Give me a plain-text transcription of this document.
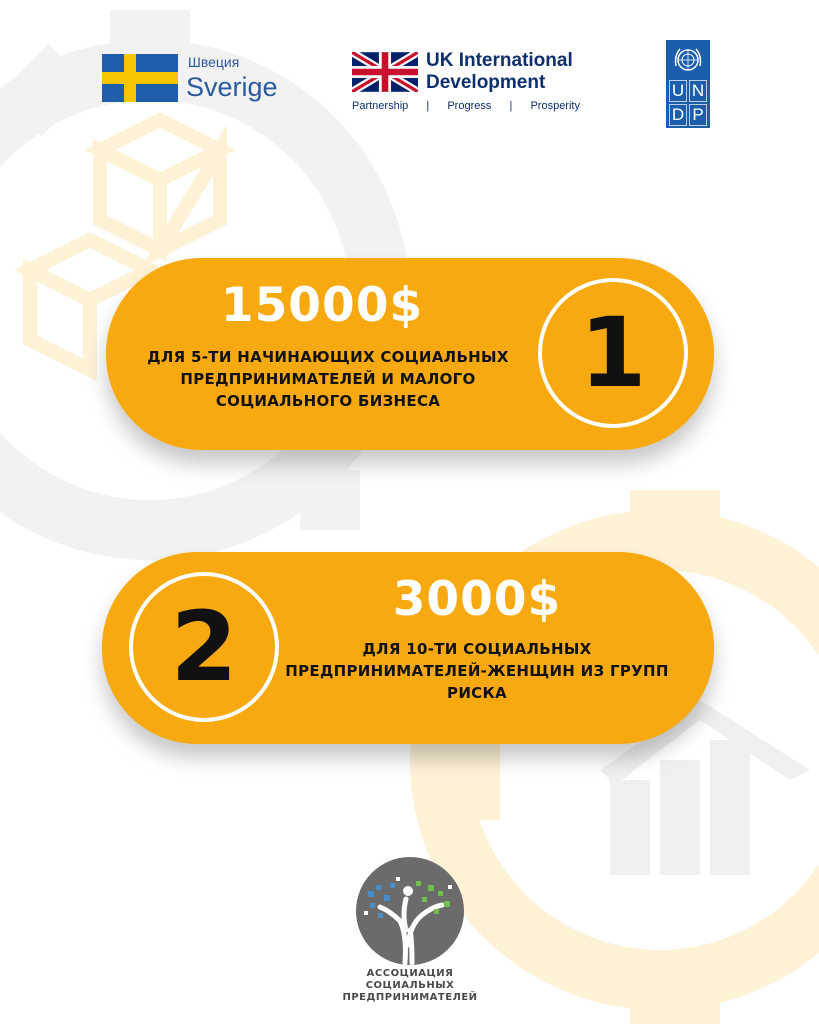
Швеция
Sverige
UK International
Development
Partnership | Progress | Prosperity
U N
D P
15000$
ДЛЯ 5-ТИ НАЧИНАЮЩИХ СОЦИАЛЬНЫХ ПРЕДПРИНИМАТЕЛЕЙ И МАЛОГО СОЦИАЛЬНОГО БИЗНЕСА	1
2	3000$
ДЛЯ 10-ТИ СОЦИАЛЬНЫХ ПРЕДПРИНИМАТЕЛЕЙ-ЖЕНЩИН ИЗ ГРУПП РИСКА
АССОЦИАЦИЯ
СОЦИАЛЬНЫХ
ПРЕДПРИНИМАТЕЛЕЙ
